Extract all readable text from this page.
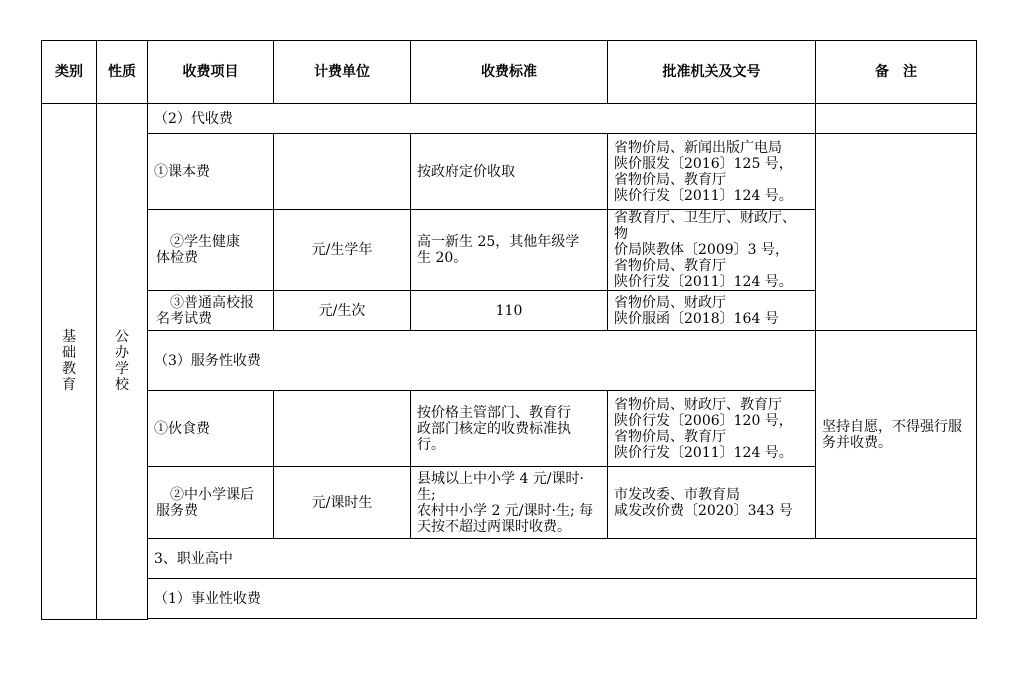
类别	性质	收费项目	计费单位	收费标准	批准机关及文号	备　注

基
础
教
育	公
办
学
校	（2）代收费				
		①课本费		按政府定价收取	省物价局、新闻出版广电局
陕价服发〔2016〕125 号，
省物价局、教育厅
陕价行发〔2011〕124 号。	

		②学生健康
体检费	元/生学年	高一新生 25，其他年级学
生 20。	省教育厅、卫生厅、财政厅、物
价局陕教体〔2009〕3 号，
省物价局、教育厅
陕价行发〔2011〕124 号。	

		③普通高校报
名考试费	元/生次	110	省物价局、财政厅
陕价服函〔2018〕164 号	

		（3）服务性收费				坚持自愿，不得强行服
务并收费。

		①伙食费		按价格主管部门、教育行
政部门核定的收费标准执
行。	省物价局、财政厅、教育厅
陕价行发〔2006〕120 号，
省物价局、教育厅
陕价行发〔2011〕124 号。	

		②中小学课后
服务费	元/课时生	县城以上中小学 4 元/课时·生;
农村中小学 2 元/课时·生; 每
天按不超过两课时收费。	市发改委、市教育局
咸发改价费〔2020〕343 号	

		3、职业高中				
		（1）事业性收费				
